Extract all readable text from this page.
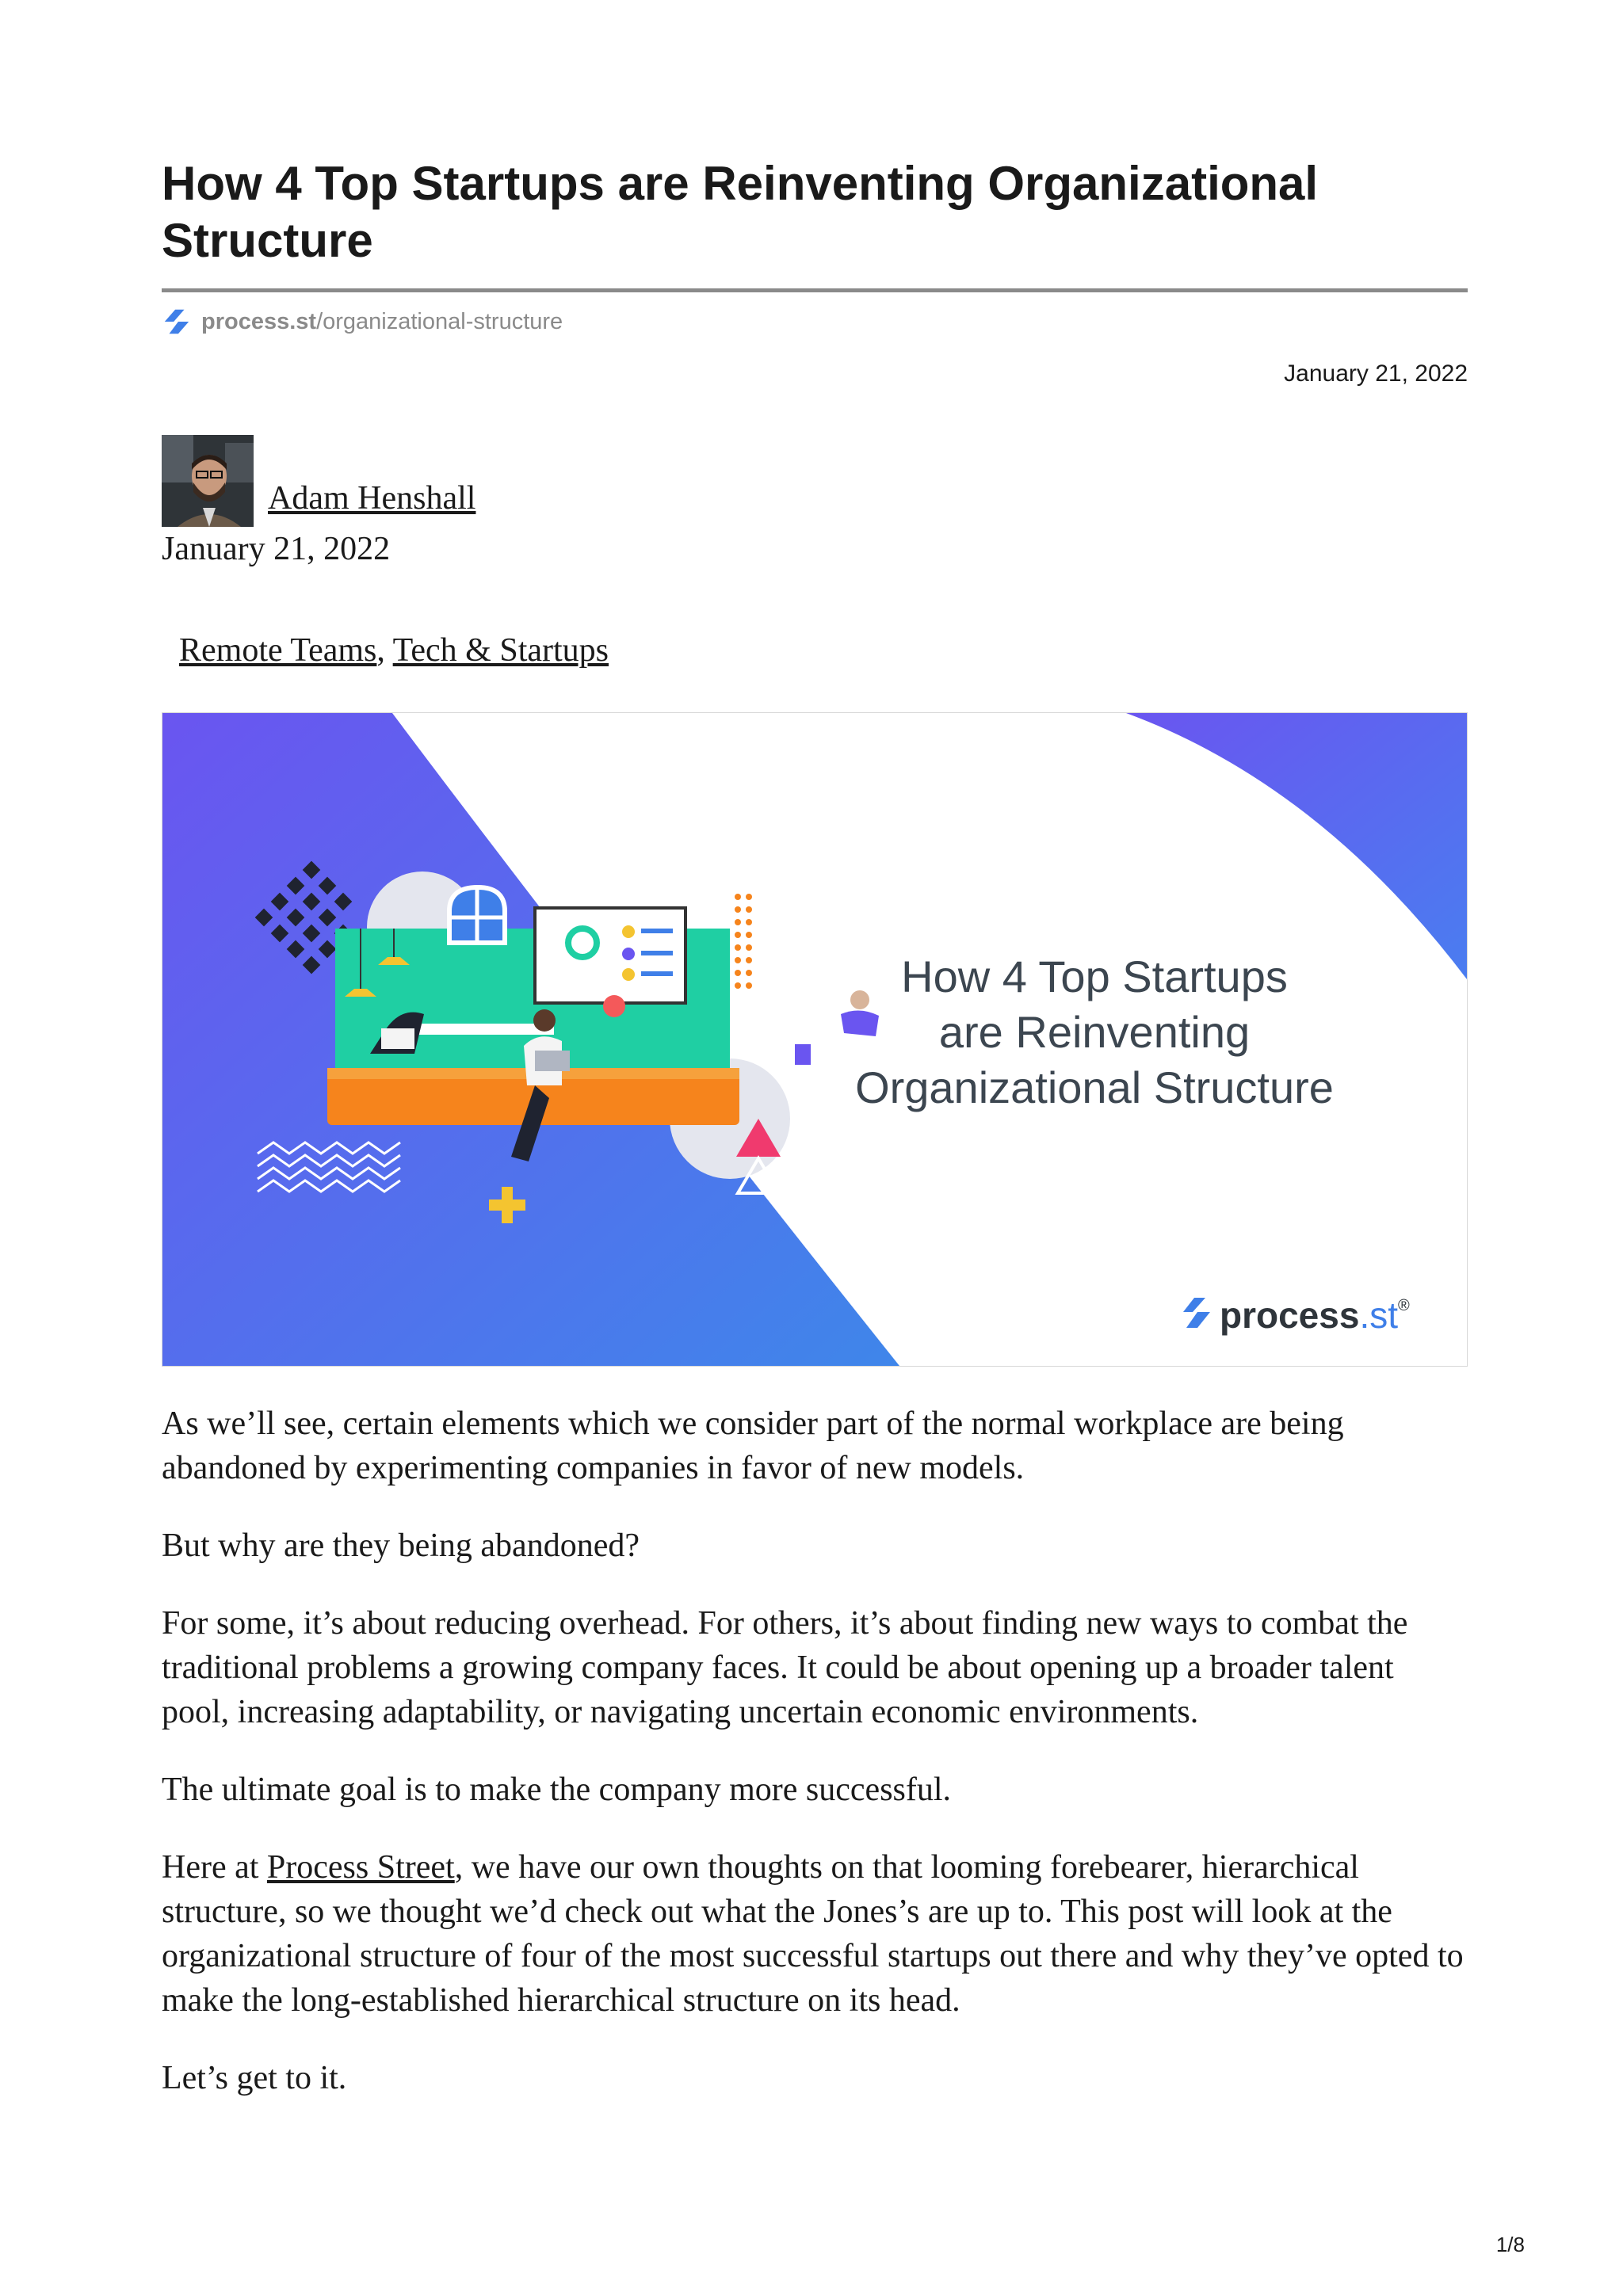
How 4 Top Startups are Reinventing Organizational Structure
process.st /organizational-structure
January 21, 2022
Adam Henshall
January 21, 2022
Remote Teams, Tech & Startups
How 4 Top Startups
are Reinventing
Organizational Structure
process.st®

As we’ll see, certain elements which we consider part of the normal workplace are being abandoned by experimenting companies in favor of new models.

But why are they being abandoned?

For some, it’s about reducing overhead. For others, it’s about finding new ways to combat the traditional problems a growing company faces. It could be about opening up a broader talent pool, increasing adaptability, or navigating uncertain economic environments.

The ultimate goal is to make the company more successful.

Here at Process Street, we have our own thoughts on that looming forebearer, hierarchical structure, so we thought we’d check out what the Jones’s are up to. This post will look at the organizational structure of four of the most successful startups out there and why they’ve opted to make the long-established hierarchical structure on its head.

Let’s get to it.

1/8
